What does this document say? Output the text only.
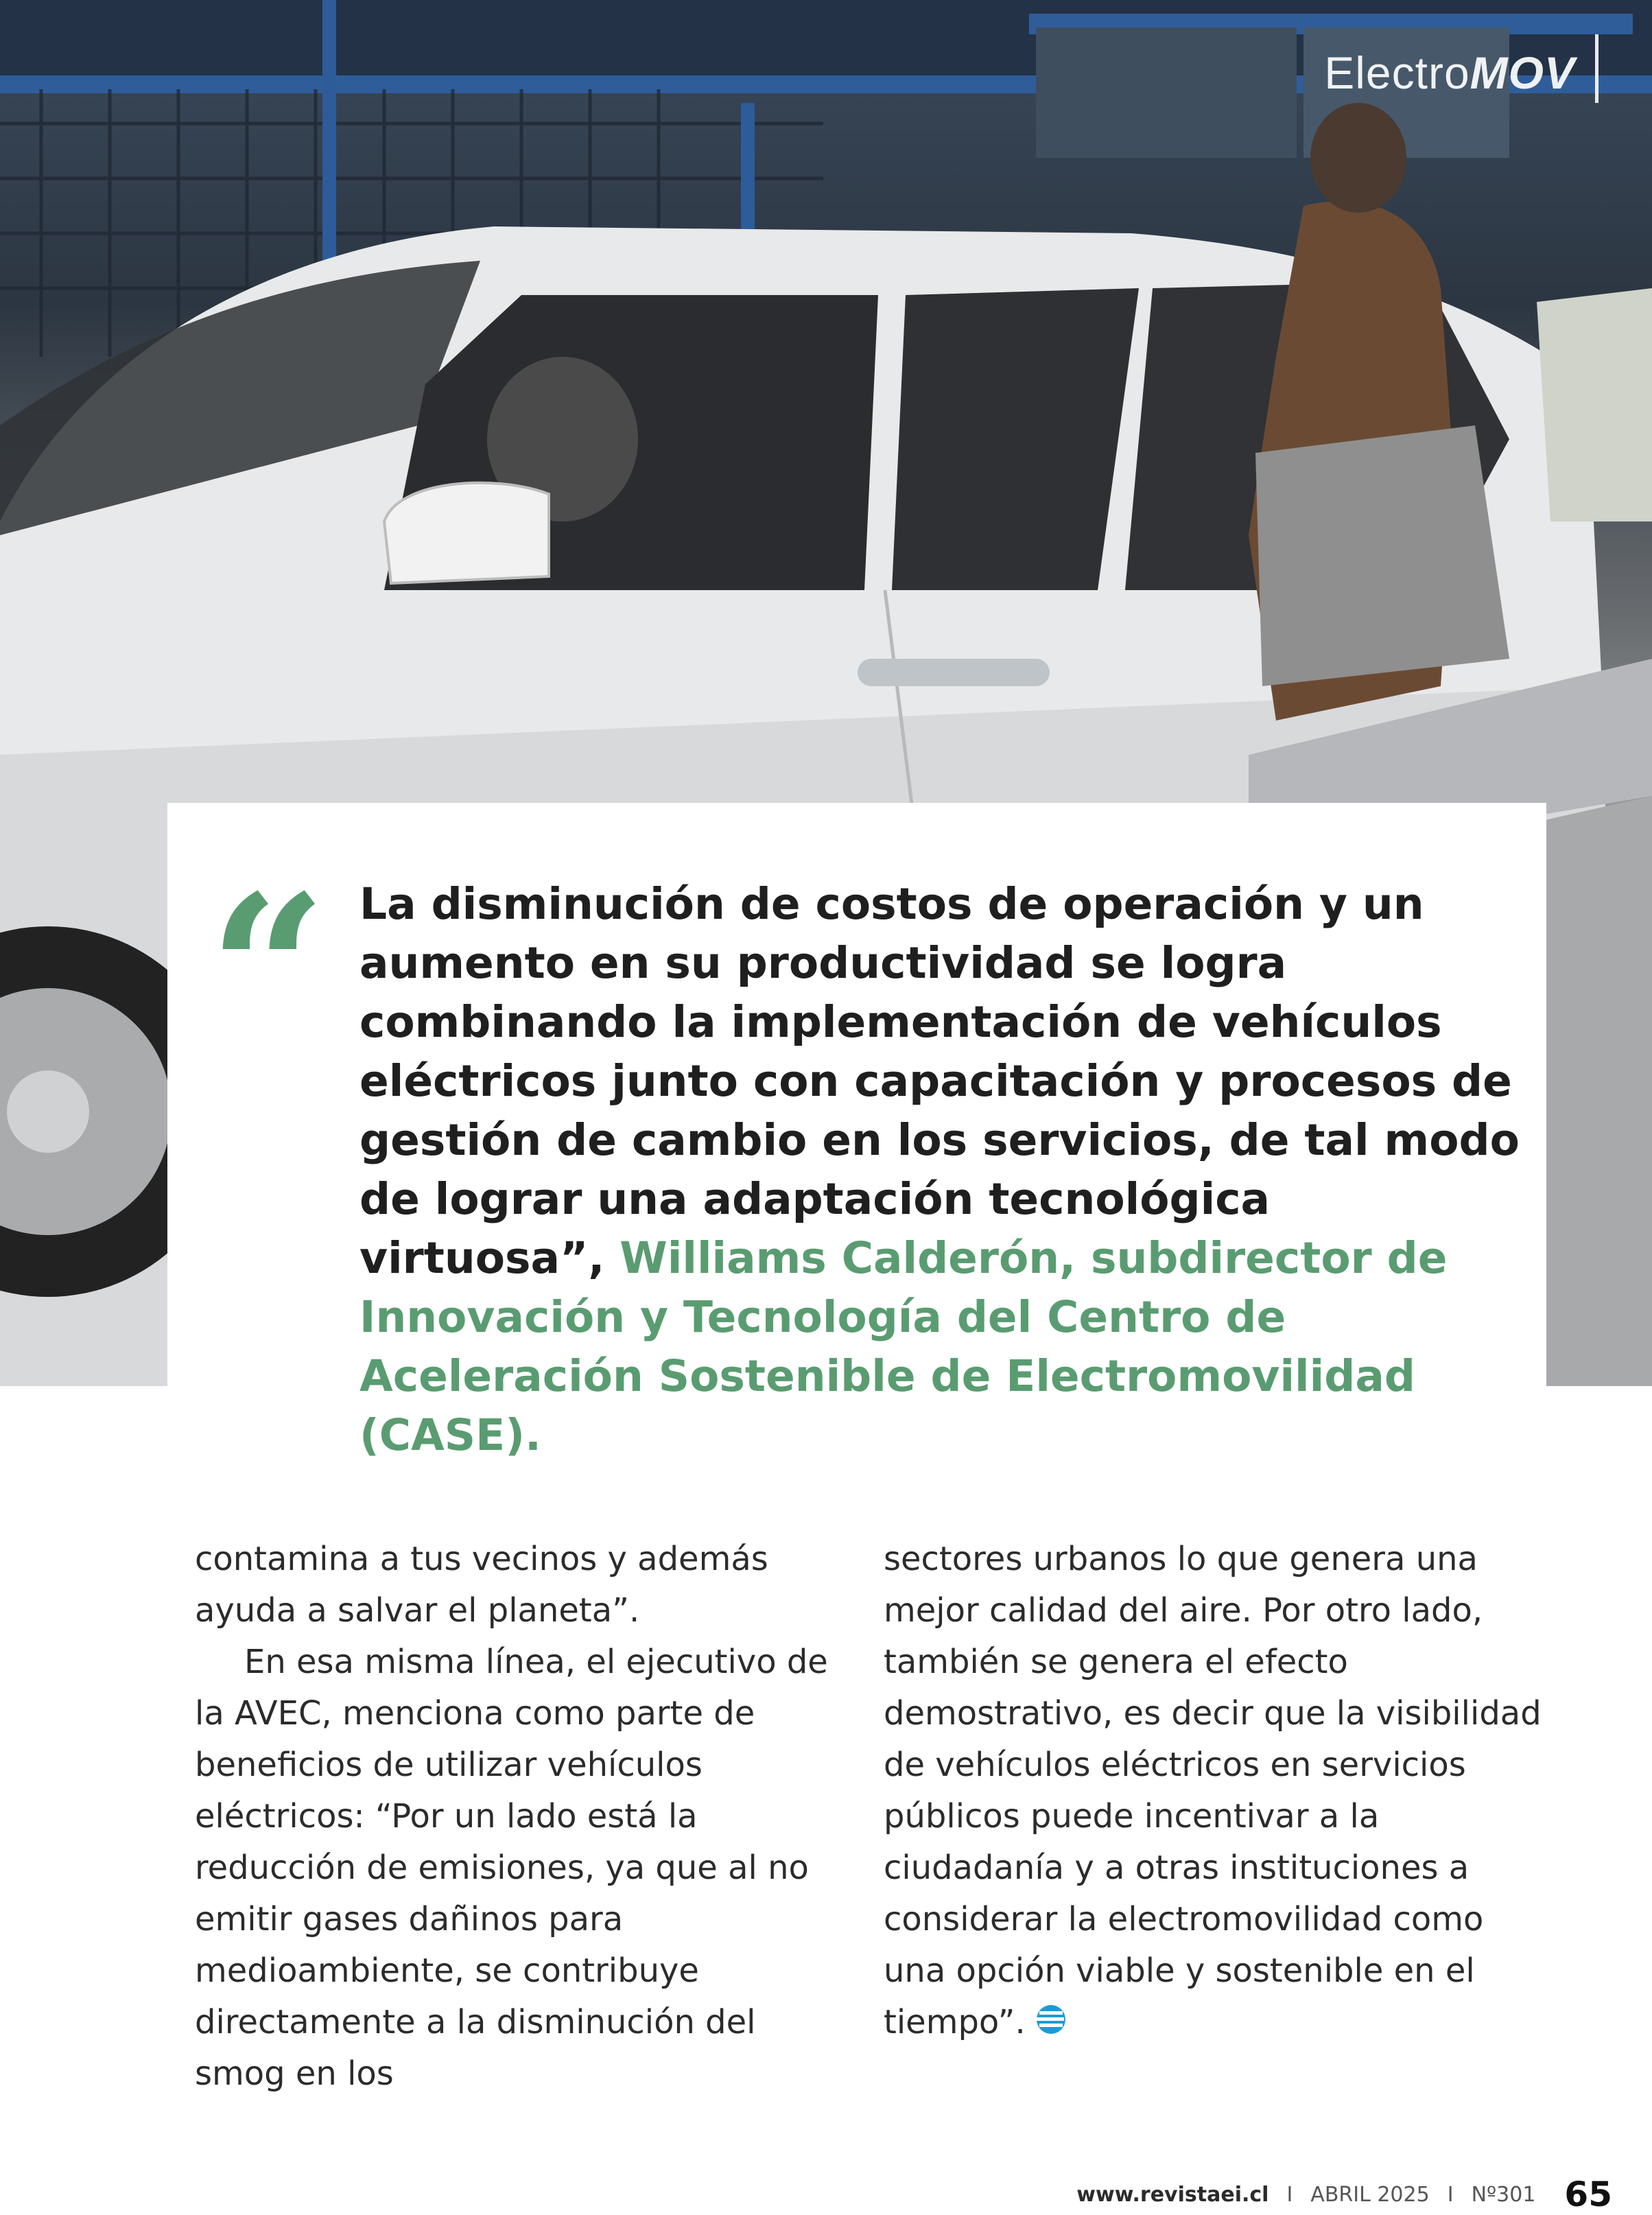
ElectroMOV
“ La disminución de costos de operación y un aumento en su productividad se logra combinando la implementación de vehículos eléctricos junto con capacitación y procesos de gestión de cambio en los servicios, de tal modo de lograr una adaptación tecnológica virtuosa”, Williams Calderón, subdirector de Innovación y Tecnología del Centro de Aceleración Sostenible de Electromovilidad (CASE).

contamina a tus vecinos y además ayuda a salvar el planeta”.

En esa misma línea, el ejecutivo de la AVEC, menciona como parte de beneficios de utilizar vehículos eléctricos: “Por un lado está la reducción de emisiones, ya que al no emitir gases dañinos para medioambiente, se contribuye directamente a la disminución del smog en los

sectores urbanos lo que genera una mejor calidad del aire. Por otro lado, también se genera el efecto demostrativo, es decir que la visibilidad de vehículos eléctricos en servicios públicos puede incentivar a la ciudadanía y a otras instituciones a considerar la electromovilidad como una opción viable y sostenible en el tiempo”.

www.revistaei.cl I ABRIL 2025 I Nº301 65
